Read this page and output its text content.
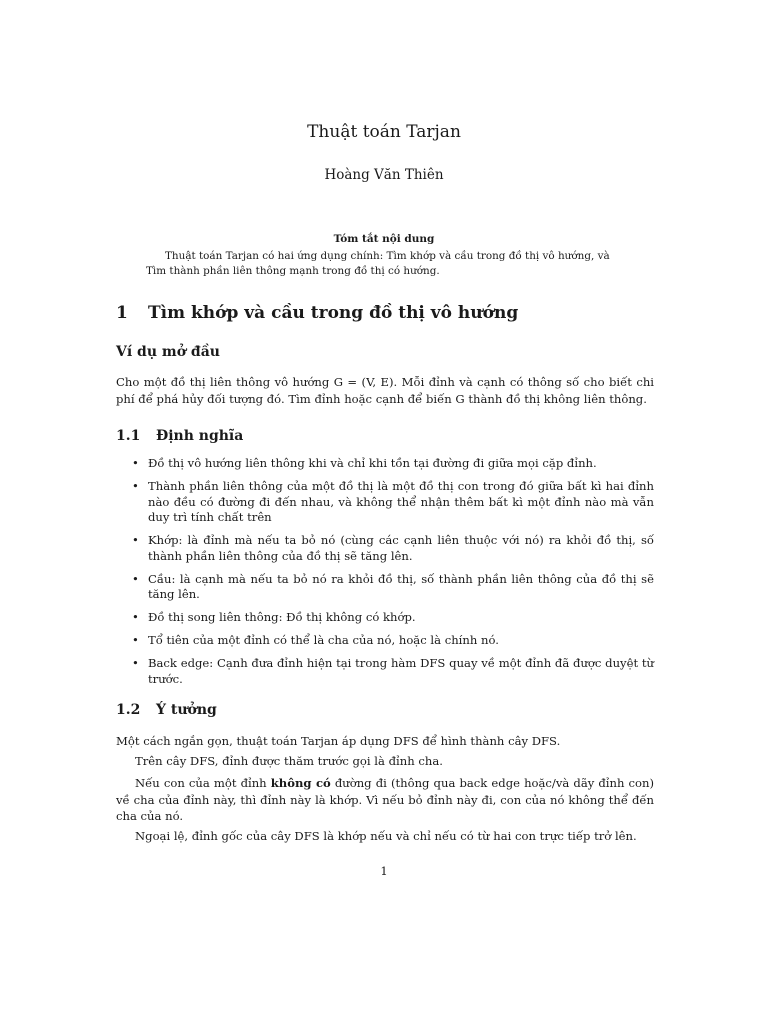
Thuật toán Tarjan
Hoàng Văn Thiên
Tóm tắt nội dung
Thuật toán Tarjan có hai ứng dụng chính: Tìm khớp và cầu trong đồ thị vô hướng, và Tìm thành phần liên thông mạnh trong đồ thị có hướng.
1 Tìm khớp và cầu trong đồ thị vô hướng
Ví dụ mở đầu
Cho một đồ thị liên thông vô hướng G = (V, E). Mỗi đỉnh và cạnh có thông số cho biết chi phí để phá hủy đối tượng đó. Tìm đỉnh hoặc cạnh để biến G thành đồ thị không liên thông.
1.1 Định nghĩa
• Đồ thị vô hướng liên thông khi và chỉ khi tồn tại đường đi giữa mọi cặp đỉnh.
• Thành phần liên thông của một đồ thị là một đồ thị con trong đó giữa bất kì hai đỉnh nào đều có đường đi đến nhau, và không thể nhận thêm bất kì một đỉnh nào mà vẫn duy trì tính chất trên
• Khớp: là đỉnh mà nếu ta bỏ nó (cùng các cạnh liên thuộc với nó) ra khỏi đồ thị, số thành phần liên thông của đồ thị sẽ tăng lên.
• Cầu: là cạnh mà nếu ta bỏ nó ra khỏi đồ thị, số thành phần liên thông của đồ thị sẽ tăng lên.
• Đồ thị song liên thông: Đồ thị không có khớp.
• Tổ tiên của một đỉnh có thể là cha của nó, hoặc là chính nó.
• Back edge: Cạnh đưa đỉnh hiện tại trong hàm DFS quay về một đỉnh đã được duyệt từ trước.
1.2 Ý tưởng
Một cách ngắn gọn, thuật toán Tarjan áp dụng DFS để hình thành cây DFS.
Trên cây DFS, đỉnh được thăm trước gọi là đỉnh cha.
Nếu con của một đỉnh không có đường đi (thông qua back edge hoặc/và dãy đỉnh con) về cha của đỉnh này, thì đỉnh này là khớp. Vì nếu bỏ đỉnh này đi, con của nó không thể đến cha của nó.
Ngoại lệ, đỉnh gốc của cây DFS là khớp nếu và chỉ nếu có từ hai con trực tiếp trở lên.
1
